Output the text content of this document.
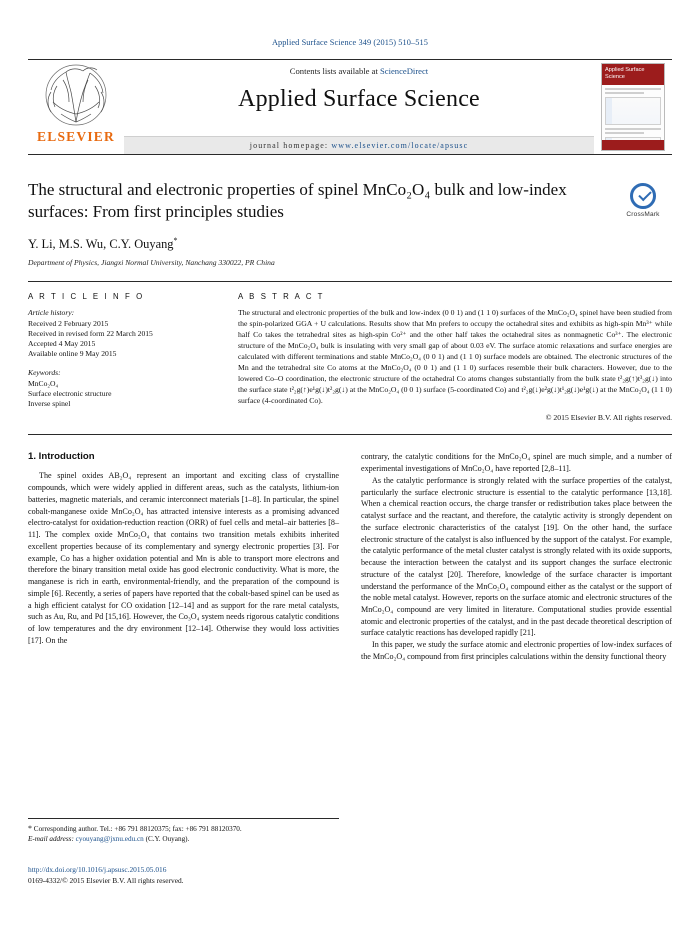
Applied Surface Science 349 (2015) 510–515
ELSEVIER
Contents lists available at ScienceDirect
Applied Surface Science
journal homepage: www.elsevier.com/locate/apsusc
Applied Surface Science
CrossMark
The structural and electronic properties of spinel MnCo₂O₄ bulk and low-index surfaces: From first principles studies
Y. Li, M.S. Wu, C.Y. Ouyang*
Department of Physics, Jiangxi Normal University, Nanchang 330022, PR China
A R T I C L E I N F O
Article history:
Received 2 February 2015
Received in revised form 22 March 2015
Accepted 4 May 2015
Available online 9 May 2015
Keywords:
MnCo₂O₄
Surface electronic structure
Inverse spinel
A B S T R A C T

The structural and electronic properties of the bulk and low-index (0 0 1) and (1 1 0) surfaces of the MnCo₂O₄ spinel have been studied from the spin-polarized GGA + U calculations. Results show that Mn prefers to occupy the octahedral sites and exhibits as high-spin Mn³⁺ while half Co takes the tetrahedral sites as high-spin Co²⁺ and the other half takes the octahedral sites as nonmagnetic Co³⁺. The electronic structure of the MnCo₂O₄ bulk is insulating with very small gap of about 0.03 eV. The surface atomic relaxations and surface energies are calculated with different terminations and stable MnCo₂O₄ (0 0 1) and (1 1 0) surface models are obtained. The electronic structures of the Mn and the tetrahedral site Co atoms at the MnCo₂O₄ (0 0 1) and (1 1 0) surfaces resemble their bulk characters. However, due to the lowered Co–O coordination, the electronic structure of the octahedral Co atoms changes substantially from the bulk state t²₂g(↑)t³₂g(↓) into the surface state t²₂g(↑)e¹g(↓)t²₂g(↓) at the MnCo₂O₄ (0 0 1) surface (5-coordinated Co) and t²₂g(↓)e²g(↓)t¹₂g(↓)e¹g(↓) at the MnCo₂O₄ (1 1 0) surface (4-coordinated Co).

© 2015 Elsevier B.V. All rights reserved.
1. Introduction

The spinel oxides AB₂O₄ represent an important and exciting class of crystalline compounds, which were widely applied in different areas, such as the catalysts, lithium-ion batteries, magnetic materials, and ceramic interconnect materials [1–8]. In particular, the spinel cobalt-manganese oxide MnCo₂O₄ has attracted intensive interests as a promising advanced electro-catalyst for oxidation-reduction reaction (ORR) of fuel cells and metal–air batteries [8–11]. The complex oxide MnCo₂O₄ that contains two transition metals exhibits inherited excellent properties because of its complementary and synergy electronic properties [3]. For example, Co has a higher oxidation potential and Mn is able to transport more electrons and therefore the binary transition metal oxide has good electronic conductivity. What is more, the manganese is rich in earth, environmental-friendly, and the preparation of the compound is simple [6]. Recently, a series of papers have reported that the cobalt-based spinel can be used as a high efficient catalyst for CO oxidation [12–14] and as support for the rare metal catalysts, such as Au, Ru, and Pd [15,16]. However, the Co₃O₄ system needs rigorous catalytic conditions of low temperatures and the dry environment [12–14]. Otherwise they would loss activities [17]. On the

contrary, the catalytic conditions for the MnCo₂O₄ spinel are much simple, and a number of experimental investigations of MnCo₂O₄ have reported [2,8–11].

As the catalytic performance is strongly related with the surface properties of the catalyst, particularly the surface electronic structure is essential to the catalytic performance [13,18]. When a chemical reaction occurs, the charge transfer or redistribution takes place between the catalyst surface and the reactant, and therefore, the catalytic activity is strongly dependent on the surface electronic characteristics of the catalyst [19]. On the other hand, the surface electronic structure of the catalyst is also influenced by the support of the catalyst. For example, the catalytic performance of the metal cluster catalyst is strongly related with its oxide supports, because the interaction between the catalyst and its support changes the surface electronic structure of the catalyst [20]. Therefore, knowledge of the surface character is important understand the performance of the MnCo₂O₄ compound either as the catalyst or the support of the noble metal catalyst. However, reports on the surface atomic and electronic structures of the MnCo₂O₄ compound are very limited in literature. Computational studies provide essential atomic and electronic properties of the catalyst, and in the past decade theoretical description of surface catalytic reactions has developed rapidly [21].

In this paper, we study the surface atomic and electronic properties of low-index surfaces of the MnCo₂O₄ compound from first principles calculations within the density functional theory

* Corresponding author. Tel.: +86 791 88120375; fax: +86 791 88120370.
E-mail address: cyouyang@jxnu.edu.cn (C.Y. Ouyang).
http://dx.doi.org/10.1016/j.apsusc.2015.05.016
0169-4332/© 2015 Elsevier B.V. All rights reserved.
